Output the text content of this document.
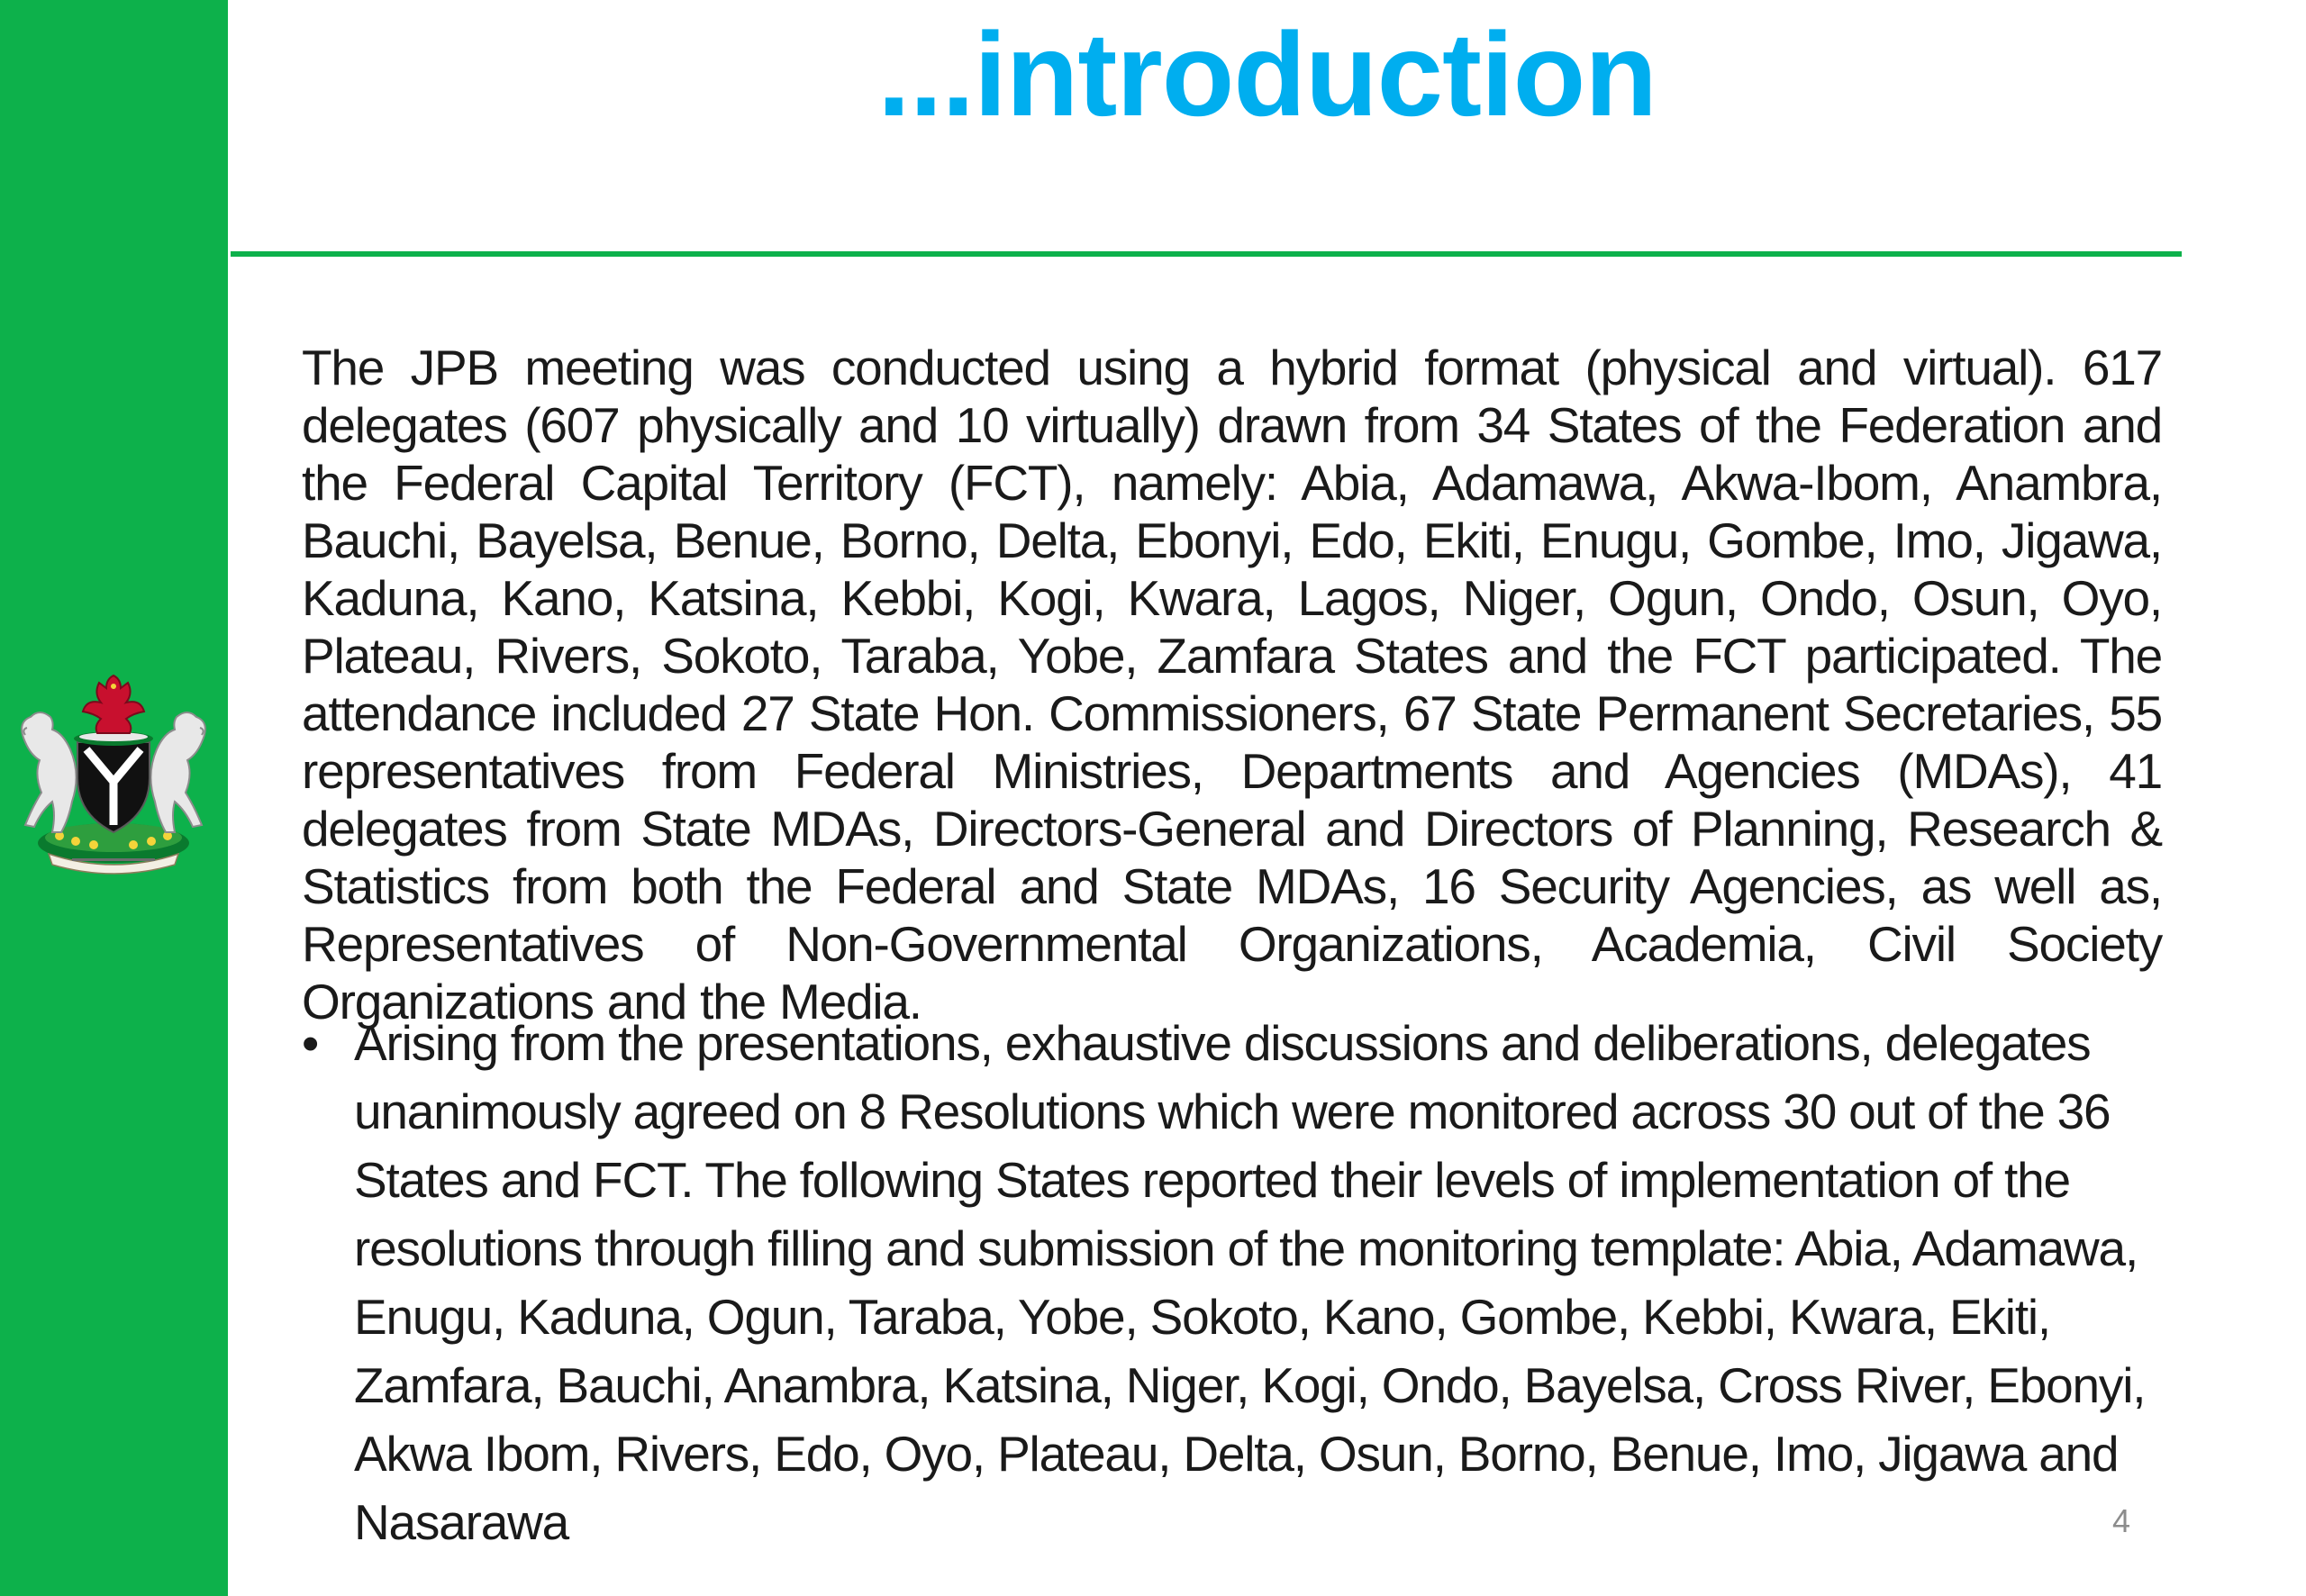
...introduction

The JPB meeting was conducted using a hybrid format (physical and virtual). 617 delegates (607 physically and 10 virtually) drawn from 34 States of the Federation and the Federal Capital Territory (FCT), namely: Abia, Adamawa, Akwa-Ibom, Anambra, Bauchi, Bayelsa, Benue, Borno, Delta, Ebonyi, Edo, Ekiti, Enugu, Gombe, Imo, Jigawa, Kaduna, Kano, Katsina, Kebbi, Kogi, Kwara, Lagos, Niger, Ogun, Ondo, Osun, Oyo, Plateau, Rivers, Sokoto, Taraba, Yobe, Zamfara States and the FCT participated. The attendance included 27 State Hon. Commissioners, 67 State Permanent Secretaries, 55 representatives from Federal Ministries, Departments and Agencies (MDAs), 41 delegates from State MDAs, Directors-General and Directors of Planning, Research & Statistics from both the Federal and State MDAs, 16 Security Agencies, as well as, Representatives of Non-Governmental Organizations, Academia, Civil Society Organizations and the Media.

• Arising from the presentations, exhaustive discussions and deliberations, delegates unanimously agreed on 8 Resolutions which were monitored across 30 out of the 36 States and FCT. The following States reported their levels of implementation of the resolutions through filling and submission of the monitoring template: Abia, Adamawa, Enugu, Kaduna, Ogun, Taraba, Yobe, Sokoto, Kano, Gombe, Kebbi, Kwara, Ekiti, Zamfara, Bauchi, Anambra, Katsina, Niger, Kogi, Ondo, Bayelsa, Cross River, Ebonyi, Akwa Ibom, Rivers, Edo, Oyo, Plateau, Delta, Osun, Borno, Benue, Imo, Jigawa and Nasarawa	4
